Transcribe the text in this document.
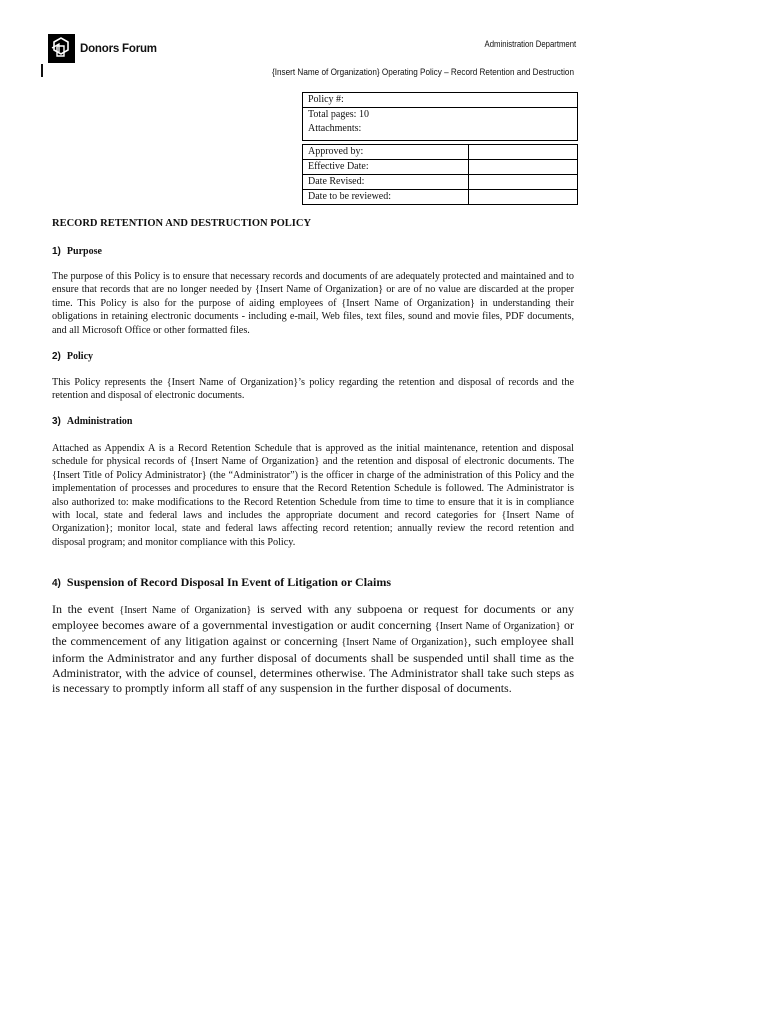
Donors Forum	Administration Department
{Insert Name of Organization} Operating Policy – Record Retention and Destruction
Policy #:	
Total pages: 10	
Attachments:	

Approved by:	
Effective Date:	
Date Revised:	
Date to be reviewed:	
RECORD RETENTION AND DESTRUCTION POLICY
1) Purpose

The purpose of this Policy is to ensure that necessary records and documents of are adequately protected and maintained and to ensure that records that are no longer needed by {Insert Name of Organization} or are of no value are discarded at the proper time. This Policy is also for the purpose of aiding employees of {Insert Name of Organization} in understanding their obligations in retaining electronic documents - including e-mail, Web files, text files, sound and movie files, PDF documents, and all Microsoft Office or other formatted files.

2) Policy

This Policy represents the {Insert Name of Organization}’s policy regarding the retention and disposal of records and the retention and disposal of electronic documents.

3) Administration

Attached as Appendix A is a Record Retention Schedule that is approved as the initial maintenance, retention and disposal schedule for physical records of {Insert Name of Organization} and the retention and disposal of electronic documents. The {Insert Title of Policy Administrator} (the “Administrator”) is the officer in charge of the administration of this Policy and the implementation of processes and procedures to ensure that the Record Retention Schedule is followed. The Administrator is also authorized to: make modifications to the Record Retention Schedule from time to time to ensure that it is in compliance with local, state and federal laws and includes the appropriate document and record categories for {Insert Name of Organization}; monitor local, state and federal laws affecting record retention; annually review the record retention and disposal program; and monitor compliance with this Policy.

4) Suspension of Record Disposal In Event of Litigation or Claims

In the event {Insert Name of Organization} is served with any subpoena or request for documents or any employee becomes aware of a governmental investigation or audit concerning {Insert Name of Organization} or the commencement of any litigation against or concerning {Insert Name of Organization}, such employee shall inform the Administrator and any further disposal of documents shall be suspended until shall time as the Administrator, with the advice of counsel, determines otherwise. The Administrator shall take such steps as is necessary to promptly inform all staff of any suspension in the further disposal of documents.
